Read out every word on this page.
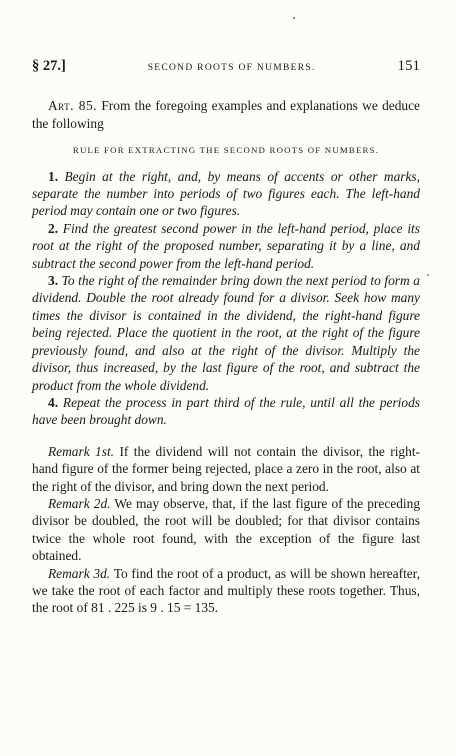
§ 27.]	SECOND ROOTS OF NUMBERS.	151

Art. 85. From the foregoing examples and explanations we deduce the following

RULE FOR EXTRACTING THE SECOND ROOTS OF NUMBERS.

1. Begin at the right, and, by means of accents or other marks, separate the number into periods of two figures each. The left-hand period may contain one or two figures.

2. Find the greatest second power in the left-hand period, place its root at the right of the proposed number, separating it by a line, and subtract the second power from the left-hand period.

3. To the right of the remainder bring down the next period to form a dividend. Double the root already found for a divisor. Seek how many times the divisor is contained in the dividend, the right-hand figure being rejected. Place the quotient in the root, at the right of the figure previously found, and also at the right of the divisor. Multiply the divisor, thus increased, by the last figure of the root, and subtract the product from the whole dividend.

4. Repeat the process in part third of the rule, until all the periods have been brought down.

Remark 1st. If the dividend will not contain the divisor, the right-hand figure of the former being rejected, place a zero in the root, also at the right of the divisor, and bring down the next period.

Remark 2d. We may observe, that, if the last figure of the preceding divisor be doubled, the root will be doubled; for that divisor contains twice the whole root found, with the exception of the figure last obtained.

Remark 3d. To find the root of a product, as will be shown hereafter, we take the root of each factor and multiply these roots together. Thus, the root of 81 . 225 is 9 . 15 = 135.
